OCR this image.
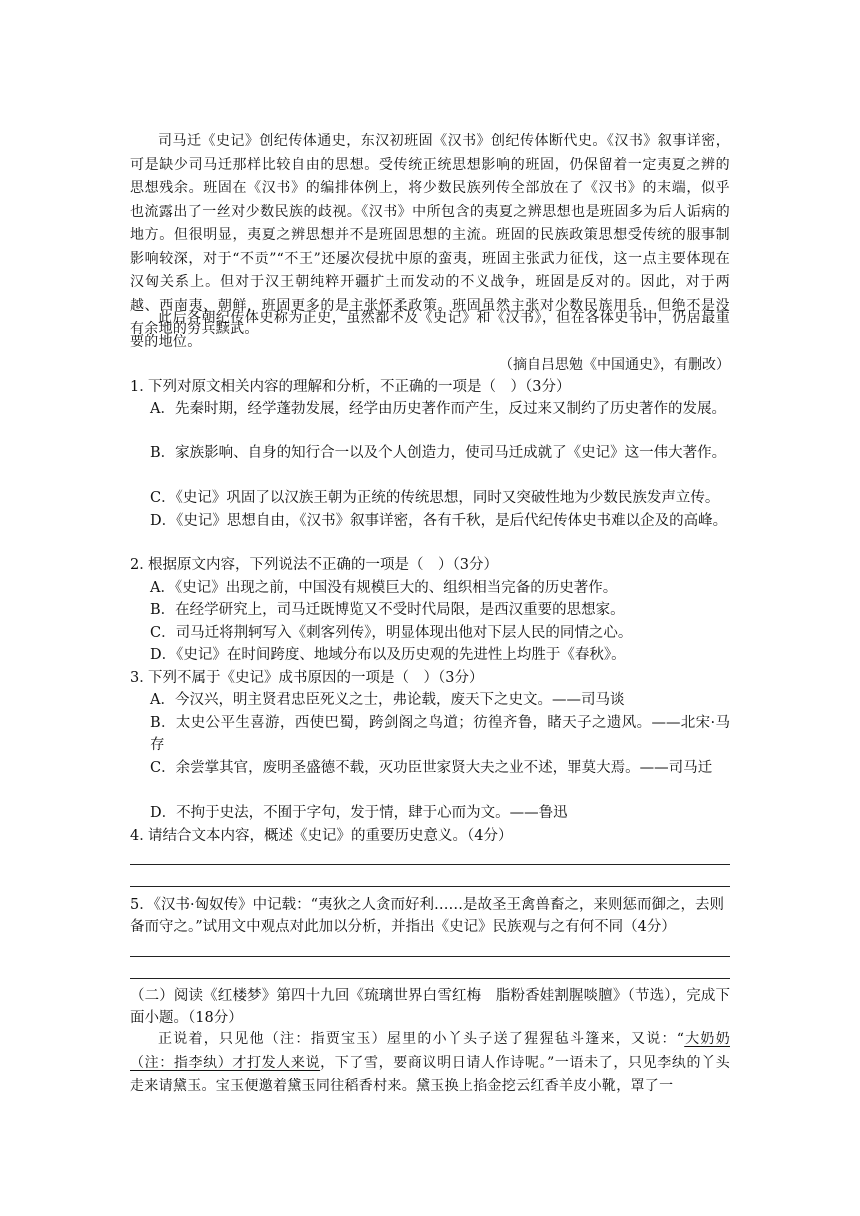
司马迁《史记》创纪传体通史，东汉初班固《汉书》创纪传体断代史。《汉书》叙事详密，可是缺少司马迁那样比较自由的思想。受传统正统思想影响的班固，仍保留着一定夷夏之辨的思想残余。班固在《汉书》的编排体例上，将少数民族列传全部放在了《汉书》的末端，似乎也流露出了一丝对少数民族的歧视。《汉书》中所包含的夷夏之辨思想也是班固多为后人诟病的地方。但很明显，夷夏之辨思想并不是班固思想的主流。班固的民族政策思想受传统的服事制影响较深，对于“不贡”“不王”还屡次侵扰中原的蛮夷，班固主张武力征伐，这一点主要体现在汉匈关系上。但对于汉王朝纯粹开疆扩土而发动的不义战争，班固是反对的。因此，对于两越、西南夷、朝鲜，班固更多的是主张怀柔政策。班固虽然主张对少数民族用兵，但绝不是没有余地的穷兵黩武。

此后各朝纪传体史称为正史，虽然都不及《史记》和《汉书》，但在各体史书中，仍居最重要的地位。

（摘自吕思勉《中国通史》，有删改）

1．下列对原文相关内容的理解和分析，不正确的一项是（　）（3分）

A．先秦时期，经学蓬勃发展，经学由历史著作而产生，反过来又制约了历史著作的发展。

B．家族影响、自身的知行合一以及个人创造力，使司马迁成就了《史记》这一伟大著作。

C．《史记》巩固了以汉族王朝为正统的传统思想，同时又突破性地为少数民族发声立传。

D．《史记》思想自由，《汉书》叙事详密，各有千秋，是后代纪传体史书难以企及的高峰。

2．根据原文内容，下列说法不正确的一项是（　）（3分）

A．《史记》出现之前，中国没有规模巨大的、组织相当完备的历史著作。

B．在经学研究上，司马迁既博览又不受时代局限，是西汉重要的思想家。

C．司马迁将荆轲写入《刺客列传》，明显体现出他对下层人民的同情之心。

D．《史记》在时间跨度、地域分布以及历史观的先进性上均胜于《春秋》。

3．下列不属于《史记》成书原因的一项是（　）（3分）

A．今汉兴，明主贤君忠臣死义之士，弗论载，废天下之史文。——司马谈

B．太史公平生喜游，西使巴蜀，跨剑阁之鸟道；彷徨齐鲁，睹天子之遗风。——北宋·马存

C．余尝掌其官，废明圣盛德不载，灭功臣世家贤大夫之业不述，罪莫大焉。——司马迁

D．不拘于史法，不囿于字句，发于情，肆于心而为文。——鲁迅

4．请结合文本内容，概述《史记》的重要历史意义。（4分）

5．《汉书·匈奴传》中记载：“夷狄之人贪而好利……是故圣王禽兽畜之，来则惩而御之，去则备而守之。”试用文中观点对此加以分析，并指出《史记》民族观与之有何不同（4分）

（二）阅读《红楼梦》第四十九回《琉璃世界白雪红梅　脂粉香娃割腥啖膻》（节选），完成下面小题。（18分）

正说着，只见他（注：指贾宝玉）屋里的小丫头子送了猩猩毡斗篷来，又说：“大奶奶（注：指李纨）才打发人来说，下了雪，要商议明日请人作诗呢。”一语未了，只见李纨的丫头走来请黛玉。宝玉便邀着黛玉同往稻香村来。黛玉换上掐金挖云红香羊皮小靴，罩了一
